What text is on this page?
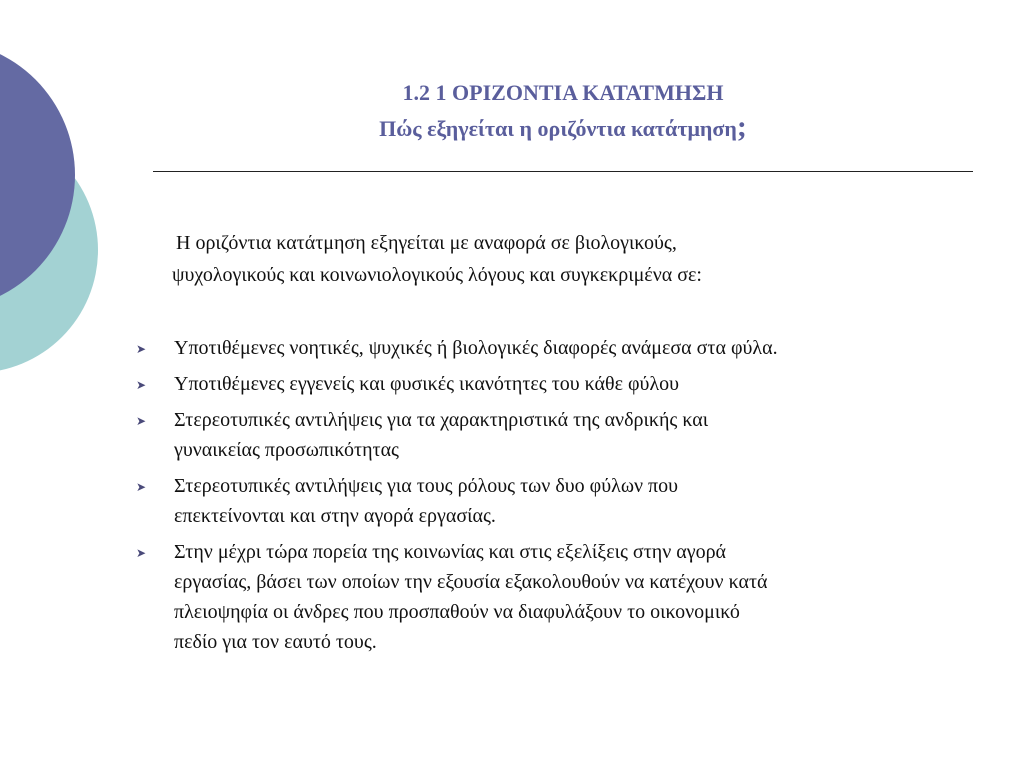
1.2 1 ΟΡΙΖΟΝΤΙΑ ΚΑΤΑΤΜΗΣΗ
Πώς εξηγείται η οριζόντια κατάτμηση;
Η οριζόντια κατάτμηση εξηγείται με αναφορά σε βιολογικούς,
ψυχολογικούς και κοινωνιολογικούς λόγους και συγκεκριμένα σε:
➤ Υποτιθέμενες νοητικές, ψυχικές ή βιολογικές διαφορές ανάμεσα στα φύλα.
➤ Υποτιθέμενες εγγενείς και φυσικές ικανότητες του κάθε φύλου
➤ Στερεοτυπικές αντιλήψεις για τα χαρακτηριστικά της ανδρικής και
γυναικείας προσωπικότητας
➤ Στερεοτυπικές αντιλήψεις για τους ρόλους των δυο φύλων που
επεκτείνονται και στην αγορά εργασίας.
➤ Στην μέχρι τώρα πορεία της κοινωνίας και στις εξελίξεις στην αγορά
εργασίας, βάσει των οποίων την εξουσία εξακολουθούν να κατέχουν κατά
πλειοψηφία οι άνδρες που προσπαθούν να διαφυλάξουν το οικονομικό
πεδίο για τον εαυτό τους.
